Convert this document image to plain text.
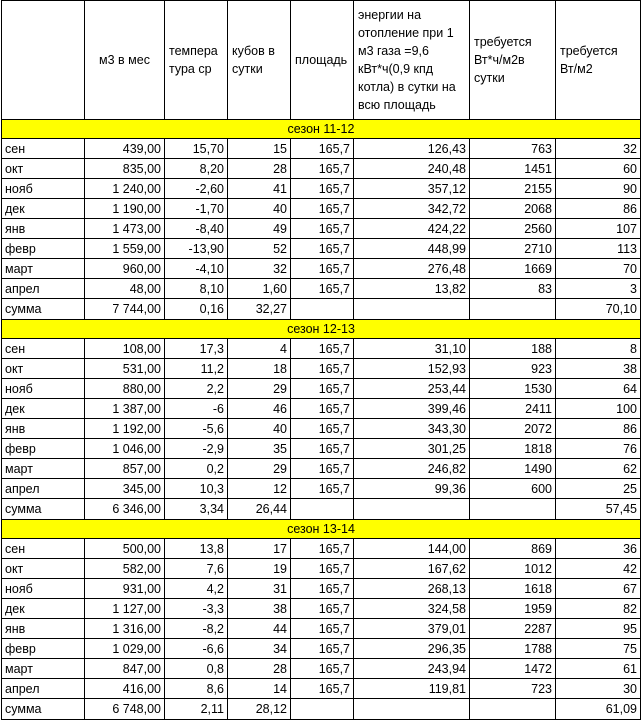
	м3 в мес	темпера тура ср	кубов в сутки	площадь	энергии на отопление при 1 м3 газа =9,6 кВт*ч(0,9 кпд котла) в сутки на всю площадь	требуется Вт*ч/м2в сутки	требуется Вт/м2
сезон 11-12							
сен	439,00	15,70	15	165,7	126,43	763	32
окт	835,00	8,20	28	165,7	240,48	1451	60
нояб	1 240,00	-2,60	41	165,7	357,12	2155	90
дек	1 190,00	-1,70	40	165,7	342,72	2068	86
янв	1 473,00	-8,40	49	165,7	424,22	2560	107
февр	1 559,00	-13,90	52	165,7	448,99	2710	113
март	960,00	-4,10	32	165,7	276,48	1669	70
апрел	48,00	8,10	1,60	165,7	13,82	83	3
сумма	7 744,00	0,16	32,27				70,10
сезон 12-13							
сен	108,00	17,3	4	165,7	31,10	188	8
окт	531,00	11,2	18	165,7	152,93	923	38
нояб	880,00	2,2	29	165,7	253,44	1530	64
дек	1 387,00	-6	46	165,7	399,46	2411	100
янв	1 192,00	-5,6	40	165,7	343,30	2072	86
февр	1 046,00	-2,9	35	165,7	301,25	1818	76
март	857,00	0,2	29	165,7	246,82	1490	62
апрел	345,00	10,3	12	165,7	99,36	600	25
сумма	6 346,00	3,34	26,44				57,45
сезон 13-14							
сен	500,00	13,8	17	165,7	144,00	869	36
окт	582,00	7,6	19	165,7	167,62	1012	42
нояб	931,00	4,2	31	165,7	268,13	1618	67
дек	1 127,00	-3,3	38	165,7	324,58	1959	82
янв	1 316,00	-8,2	44	165,7	379,01	2287	95
февр	1 029,00	-6,6	34	165,7	296,35	1788	75
март	847,00	0,8	28	165,7	243,94	1472	61
апрел	416,00	8,6	14	165,7	119,81	723	30
сумма	6 748,00	2,11	28,12				61,09
